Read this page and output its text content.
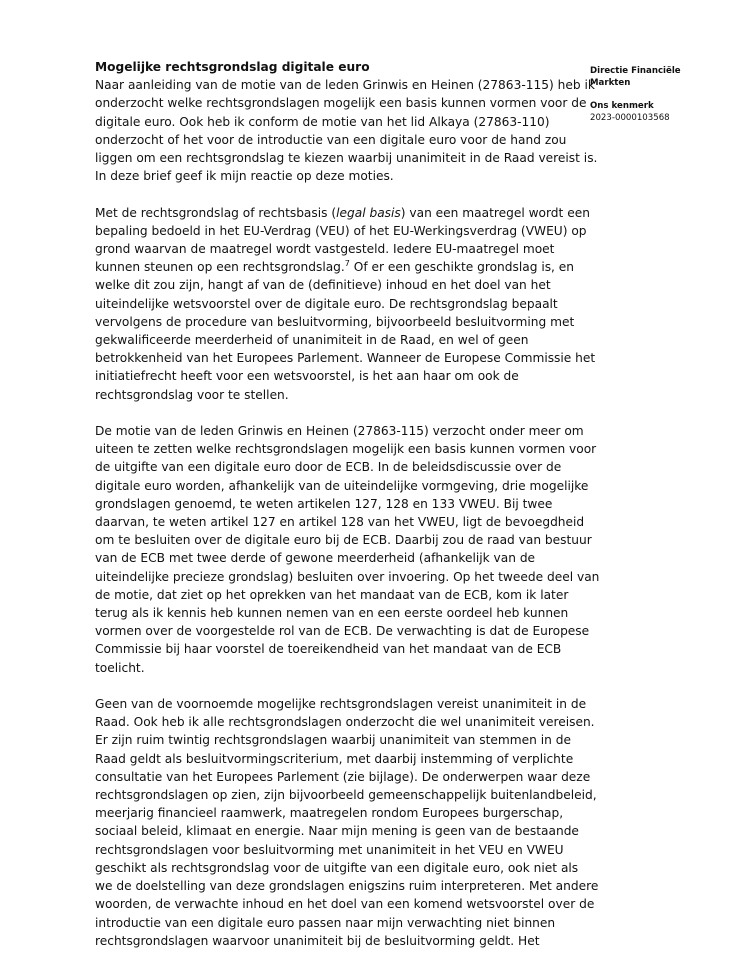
Mogelijke rechtsgrondslag digitale euro
Naar aanleiding van de motie van de leden Grinwis en Heinen (27863-115) heb ik
onderzocht welke rechtsgrondslagen mogelijk een basis kunnen vormen voor de
digitale euro. Ook heb ik conform de motie van het lid Alkaya (27863-110)
onderzocht of het voor de introductie van een digitale euro voor de hand zou
liggen om een rechtsgrondslag te kiezen waarbij unanimiteit in de Raad vereist is.
In deze brief geef ik mijn reactie op deze moties.
Met de rechtsgrondslag of rechtsbasis (legal basis) van een maatregel wordt een
bepaling bedoeld in het EU-Verdrag (VEU) of het EU-Werkingsverdrag (VWEU) op
grond waarvan de maatregel wordt vastgesteld. Iedere EU-maatregel moet
kunnen steunen op een rechtsgrondslag.$^7$ Of er een geschikte grondslag is, en
welke dit zou zijn, hangt af van de (definitieve) inhoud en het doel van het
uiteindelijke wetsvoorstel over de digitale euro. De rechtsgrondslag bepaalt
vervolgens de procedure van besluitvorming, bijvoorbeeld besluitvorming met
gekwalificeerde meerderheid of unanimiteit in de Raad, en wel of geen
betrokkenheid van het Europees Parlement. Wanneer de Europese Commissie het
initiatiefrecht heeft voor een wetsvoorstel, is het aan haar om ook de
rechtsgrondslag voor te stellen.
De motie van de leden Grinwis en Heinen (27863-115) verzocht onder meer om
uiteen te zetten welke rechtsgrondslagen mogelijk een basis kunnen vormen voor
de uitgifte van een digitale euro door de ECB. In de beleidsdiscussie over de
digitale euro worden, afhankelijk van de uiteindelijke vormgeving, drie mogelijke
grondslagen genoemd, te weten artikelen 127, 128 en 133 VWEU. Bij twee
daarvan, te weten artikel 127 en artikel 128 van het VWEU, ligt de bevoegdheid
om te besluiten over de digitale euro bij de ECB. Daarbij zou de raad van bestuur
van de ECB met twee derde of gewone meerderheid (afhankelijk van de
uiteindelijke precieze grondslag) besluiten over invoering. Op het tweede deel van
de motie, dat ziet op het oprekken van het mandaat van de ECB, kom ik later
terug als ik kennis heb kunnen nemen van en een eerste oordeel heb kunnen
vormen over de voorgestelde rol van de ECB. De verwachting is dat de Europese
Commissie bij haar voorstel de toereikendheid van het mandaat van de ECB
toelicht.
Geen van de voornoemde mogelijke rechtsgrondslagen vereist unanimiteit in de
Raad. Ook heb ik alle rechtsgrondslagen onderzocht die wel unanimiteit vereisen.
Er zijn ruim twintig rechtsgrondslagen waarbij unanimiteit van stemmen in de
Raad geldt als besluitvormingscriterium, met daarbij instemming of verplichte
consultatie van het Europees Parlement (zie bijlage). De onderwerpen waar deze
rechtsgrondslagen op zien, zijn bijvoorbeeld gemeenschappelijk buitenlandbeleid,
meerjarig financieel raamwerk, maatregelen rondom Europees burgerschap,
sociaal beleid, klimaat en energie. Naar mijn mening is geen van de bestaande
rechtsgrondslagen voor besluitvorming met unanimiteit in het VEU en VWEU
geschikt als rechtsgrondslag voor de uitgifte van een digitale euro, ook niet als
we de doelstelling van deze grondslagen enigszins ruim interpreteren. Met andere
woorden, de verwachte inhoud en het doel van een komend wetsvoorstel over de
introductie van een digitale euro passen naar mijn verwachting niet binnen
rechtsgrondslagen waarvoor unanimiteit bij de besluitvorming geldt. Het
Directie Financiële
Markten
Ons kenmerk
2023-0000103568
